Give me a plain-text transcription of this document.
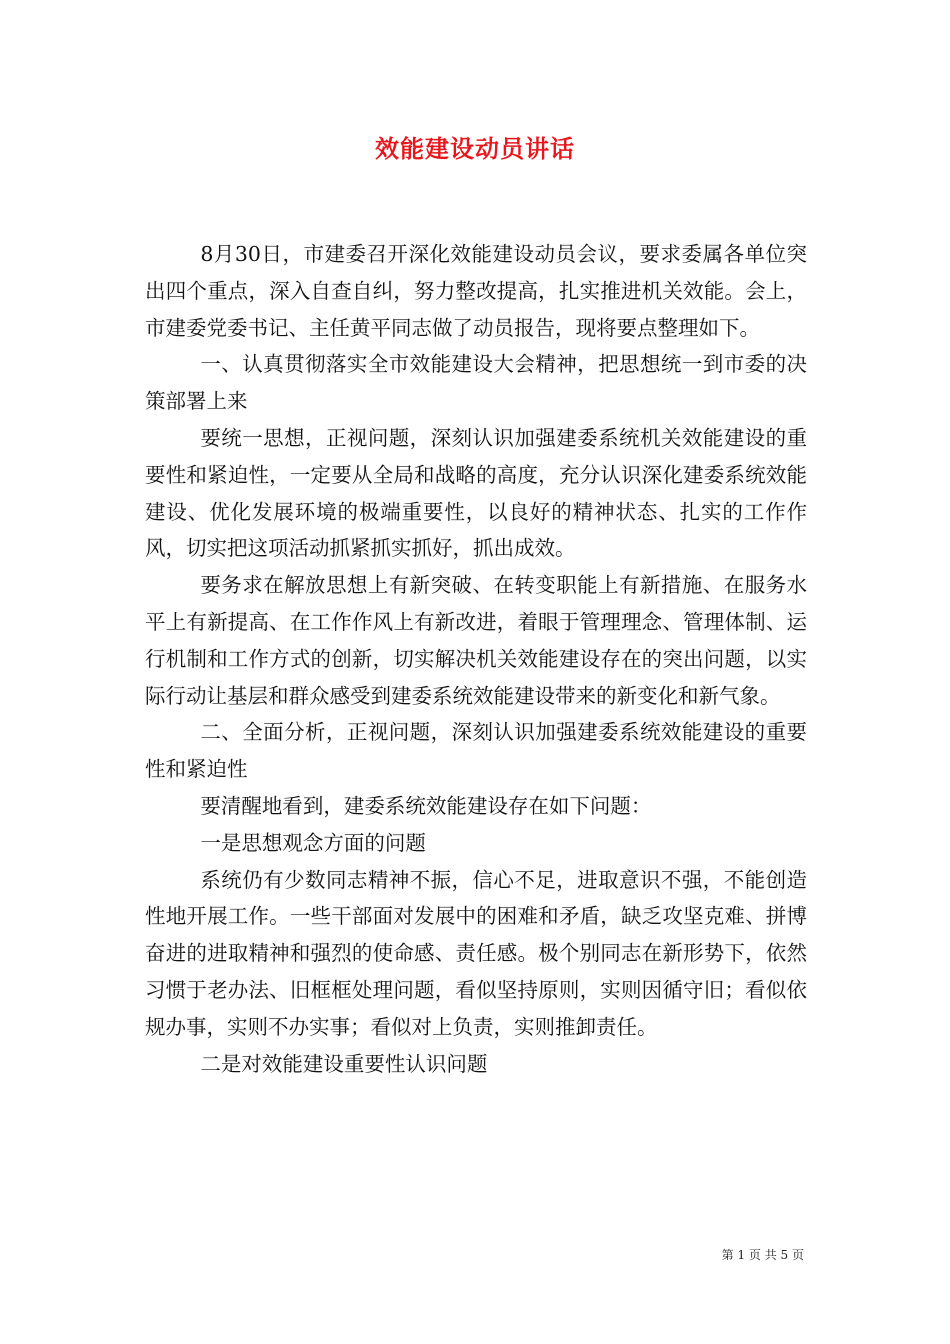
效能建设动员讲话

8月30日，市建委召开深化效能建设动员会议，要求委属各单位突出四个重点，深入自查自纠，努力整改提高，扎实推进机关效能。会上，市建委党委书记、主任黄平同志做了动员报告，现将要点整理如下。

一、认真贯彻落实全市效能建设大会精神，把思想统一到市委的决策部署上来

要统一思想，正视问题，深刻认识加强建委系统机关效能建设的重要性和紧迫性，一定要从全局和战略的高度，充分认识深化建委系统效能建设、优化发展环境的极端重要性，以良好的精神状态、扎实的工作作风，切实把这项活动抓紧抓实抓好，抓出成效。

要务求在解放思想上有新突破、在转变职能上有新措施、在服务水平上有新提高、在工作作风上有新改进，着眼于管理理念、管理体制、运行机制和工作方式的创新，切实解决机关效能建设存在的突出问题，以实际行动让基层和群众感受到建委系统效能建设带来的新变化和新气象。

二、全面分析，正视问题，深刻认识加强建委系统效能建设的重要性和紧迫性

要清醒地看到，建委系统效能建设存在如下问题：

一是思想观念方面的问题

系统仍有少数同志精神不振，信心不足，进取意识不强，不能创造性地开展工作。一些干部面对发展中的困难和矛盾，缺乏攻坚克难、拼博奋进的进取精神和强烈的使命感、责任感。极个别同志在新形势下，依然习惯于老办法、旧框框处理问题，看似坚持原则，实则因循守旧；看似依规办事，实则不办实事；看似对上负责，实则推卸责任。

二是对效能建设重要性认识问题

第 1 页 共 5 页
